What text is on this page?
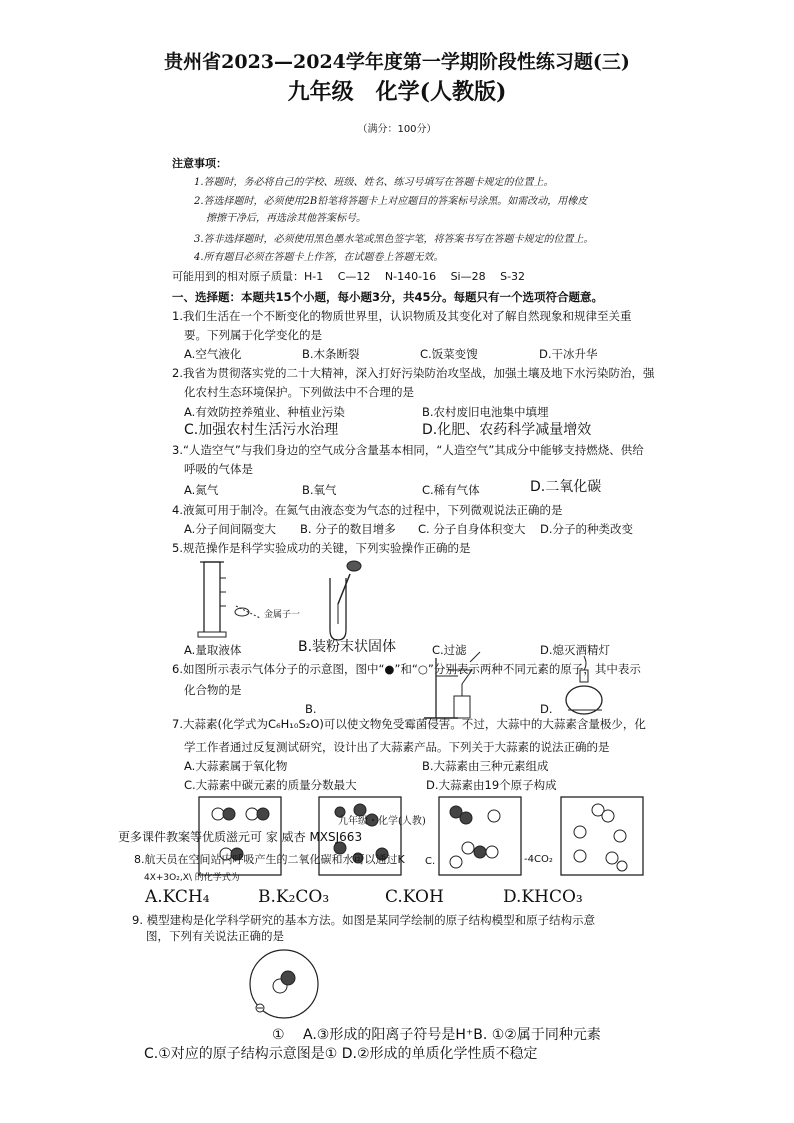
贵州省2023—2024学年度第一学期阶段性练习题(三)
九年级　化学(人教版)
（满分：100分）
注意事项：
1.答题时，务必将自己的学校、班级、姓名、练习号填写在答题卡规定的位置上。
2.答选择题时，必须使用2B铅笔将答题卡上对应题目的答案标号涂黑。如需改动，用橡皮
擦擦干净后，再选涂其他答案标号。
3.答非选择题时，必须使用黑色墨水笔或黑色签字笔，将答案书写在答题卡规定的位置上。
4.所有题目必须在答题卡上作答，在试题卷上答题无效。
可能用到的相对原子质量：H-1　 C—12　 N-140-16　 Si—28　 S-32
一、选择题：本题共15个小题，每小题3分，共45分。每题只有一个选项符合题意。
1.我们生活在一个不断变化的物质世界里，认识物质及其变化对了解自然现象和规律至关重
要。下列属于化学变化的是
A.空气液化	B.木条断裂	C.饭菜变馊	D.干冰升华
2.我省为贯彻落实党的二十大精神，深入打好污染防治攻坚战，加强土壤及地下水污染防治，强
化农村生态环境保护。下列做法中不合理的是
A.有效防控养殖业、种植业污染	B.农村废旧电池集中填埋
C.加强农村生活污水治理	D.化肥、农药科学减量增效
3.“人造空气”与我们身边的空气成分含量基本相同，“人造空气”其成分中能够支持燃烧、供给
呼吸的气体是
A.氮气	B.氧气	C.稀有气体	D.二氧化碳
4.液氮可用于制冷。在氮气由液态变为气态的过程中，下列微观说法正确的是
A.分子间间隔变大 B. 分子的数目增多 C. 分子自身体积变大 D.分子的种类改变
5.规范操作是科学实验成功的关键，下列实验操作正确的是
金属子一
A.量取液体	B.装粉末状固体	C.过滤	D.熄灭酒精灯
6.如图所示表示气体分子的示意图，图中“●”和“○”分别表示两种不同元素的原子，其中表示
化合物的是
B.	D.
7.大蒜素(化学式为C₆H₁₀S₂O)可以使文物免受霉菌侵害。不过，大蒜中的大蒜素含量极少，化
学工作者通过反复测试研究，设计出了大蒜素产品。下列关于大蒜素的说法正确的是
A.大蒜素属于氧化物	B.大蒜素由三种元素组成
C.大蒜素中碳元素的质量分数最大	D.大蒜素由19个原子构成
九年级・化学(人教)
更多课件教案等优质滋元可 家 威杏 MXSJ663
C.	-4CO₂
8.航天员在空间站内呼吸产生的二氧化碳和水可以通过K
4X+3O₂,X\ 的化学式为
A.KCH₄	B.K₂CO₃	C.KOH	D.KHCO₃
9. 模型建构是化学科学研究的基本方法。如图是某同学绘制的原子结构模型和原子结构示意
图，下列有关说法正确的是
①　 A.③形成的阳离子符号是H⁺B. ①②属于同种元素
C.①对应的原子结构示意图是① D.②形成的单质化学性质不稳定
